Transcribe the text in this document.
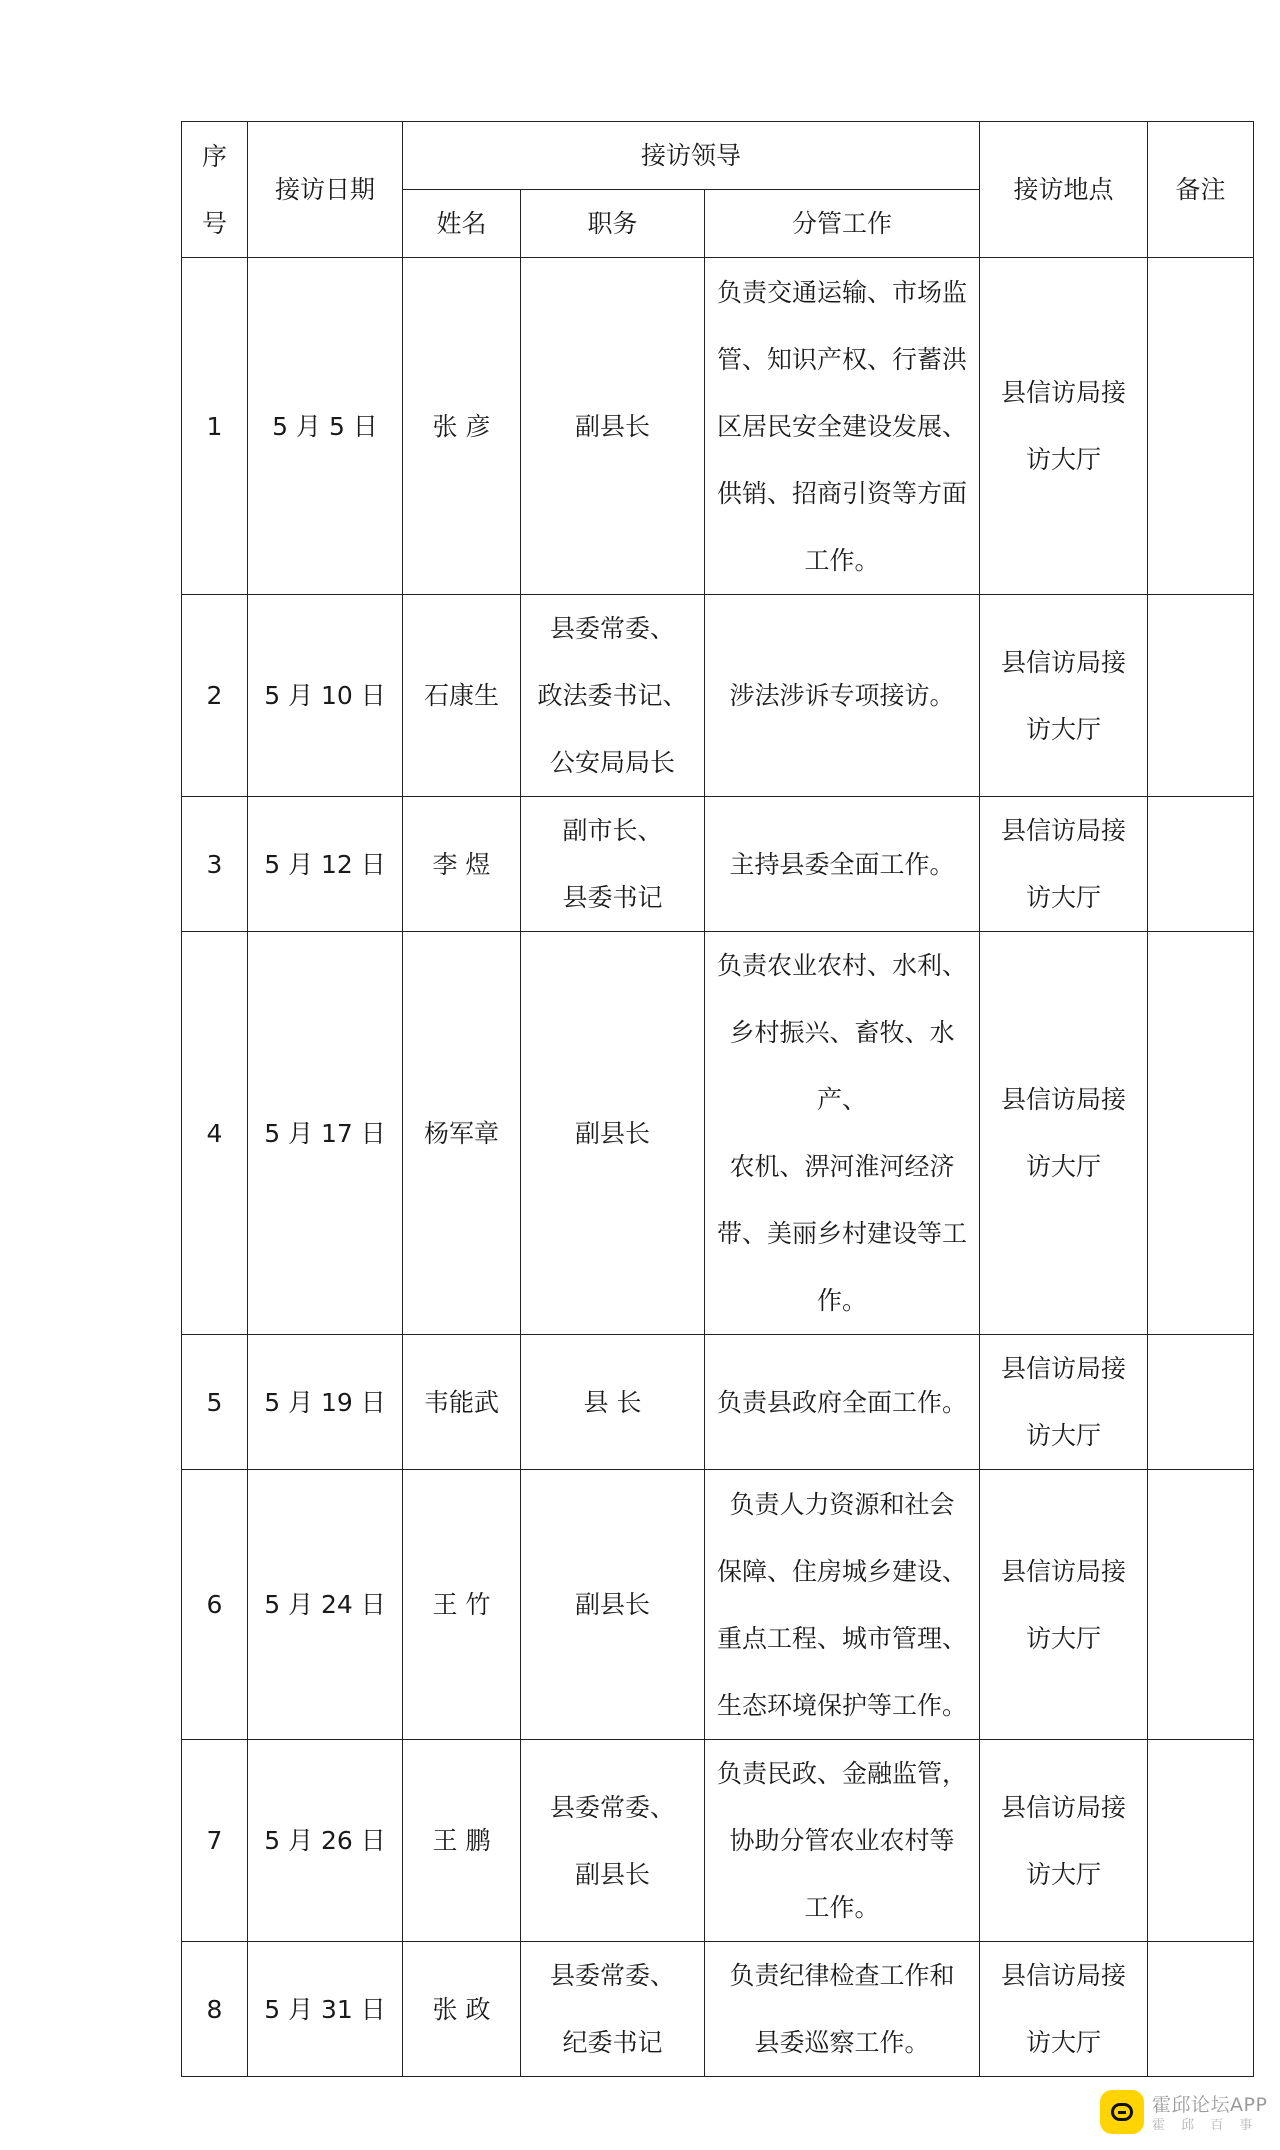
序
号	接访日期	接访领导			接访地点	备注

		姓名	职务	分管工作		

1	5 月 5 日	张 彦	副县长	负责交通运输、市场监
管、知识产权、行蓄洪
区居民安全建设发展、
供销、招商引资等方面
工作。	县信访局接
访大厅	

2	5 月 10 日	石康生	县委常委、
政法委书记、
公安局局长	涉法涉诉专项接访。	县信访局接
访大厅	

3	5 月 12 日	李 煜	副市长、
县委书记	主持县委全面工作。	县信访局接
访大厅	

4	5 月 17 日	杨军章	副县长	负责农业农村、水利、
乡村振兴、畜牧、水产、
农机、淠河淮河经济
带、美丽乡村建设等工
作。	县信访局接
访大厅	

5	5 月 19 日	韦能武	县 长	负责县政府全面工作。	县信访局接
访大厅	

6	5 月 24 日	王 竹	副县长	负责人力资源和社会
保障、住房城乡建设、
重点工程、城市管理、
生态环境保护等工作。	县信访局接
访大厅	

7	5 月 26 日	王 鹏	县委常委、
副县长	负责民政、金融监管，
协助分管农业农村等
工作。	县信访局接
访大厅	

8	5 月 31 日	张 政	县委常委、
纪委书记	负责纪律检查工作和
县委巡察工作。	县信访局接
访大厅	

霍邱论坛APP
霍 邱 百 事
